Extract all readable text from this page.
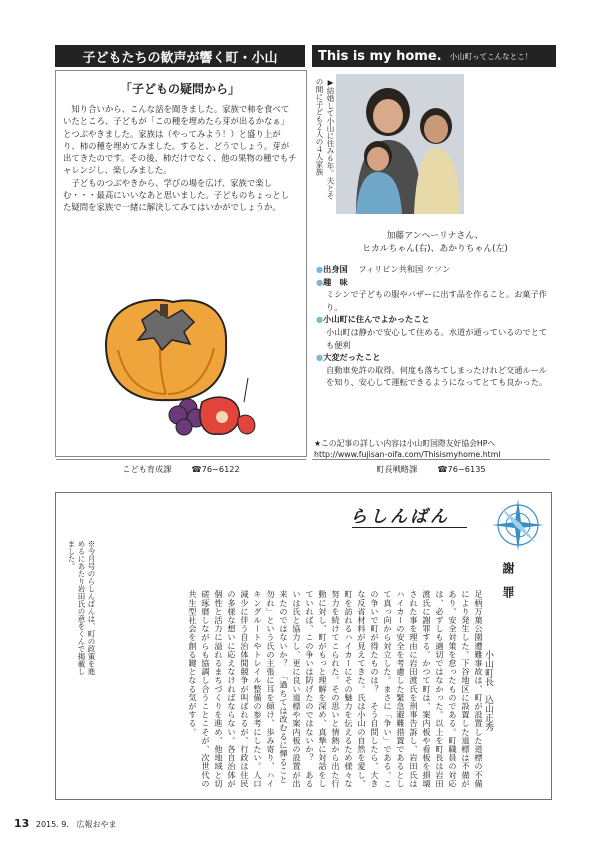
子どもたちの歓声が響く町・小山	This is my home. 小山町ってこんなとこ！
「子どもの疑問から」

知り合いから、こんな話を聞きました。家族で柿を食べていたところ、子どもが「この種を埋めたら芽が出るかなぁ」とつぶやきました。家族は（やってみよう！）と盛り上がり、柿の種を埋めてみました。すると、どうでしょう。芽が出てきたのです。その後、柿だけでなく、他の果物の種でもチャレンジし、楽しみました。

子どものつぶやきから、学びの場を広げ、家族で楽しむ・・・最高にいいなあと思いました。子どものちょっとした疑問を家族で一緒に解決してみてはいかがでしょうか。

こども育成課 ☎76−6122
▶結婚して小山に住み６年。夫とその間に子ども２人の４人家族
加藤アンヘーリナさん、
ヒカルちゃん(右)、あかりちゃん(左)
●出身国 フィリピン共和国 ケソン
●趣　味
ミシンで子どもの服やバザーに出す品を作ること。お菓子作り。
●小山町に住んでよかったこと
小山町は静かで安心して住める。水道が通っているのでとても便利
●大変だったこと
自動車免許の取得。何度も落ちてしまったけれど交通ルールを知り、安心して運転できるようになってとても良かった。
★この記事の詳しい内容は小山町国際友好協会HPへ
http://www.fujisan-oifa.com/Thisismyhome.html
町長戦略課 ☎76−6135
らしんばん
謝　罪
小山町長　込山正秀
足柄万葉公園遭難事故は、町が設置した道標の不備により発生した。下谷地区に設置した道標は不備があり、安全対策を怠ったものである。町職員の対応は、必ずしも適切ではなかった。以上を町長は岩田渡氏に謝罪する。かつて町は、案内板や看板を損壊された事を理由に岩田渡氏を刑事告訴し、岩田氏はハイカーの安全を考慮した緊急避難措置であるとして真っ向から対立した。まさに「争い」である。この争いで町が得たものは？　そう自問したら、大きな反省材料が見えてきた。氏は小山の自然を愛し、町を訪れるハイカーにその魅力を伝えるため様々な努力を続けてこられた。その思いと情熱から出た行動に対し、町がもっと理解を深め、真摯に対話をしていれば、この争いは防げたのではないか？　あるいは氏と協力し、更に良い道標や案内板の設置が出来たのではないか？　「過ちては改むるに憚ること勿れ」という氏の主張に耳を傾け、歩み寄り、ハイキングルートやトレイル整備の参考にしたい。人口減少に伴う自治体間競争が叫ばれるが、行政は住民の多様な想いに応えなければならない。各自治体が個性と活力に溢れるまちづくりを進め、他地域と切磋琢磨しながらも協調し合うことこそが、次世代の共生型社会を創る鍵となる気がする。
※今月号のらしんばんは、町の政策を進めるにあたり岩田氏の意をくんで掲載しました。
13 2015. 9. 広報おやま
